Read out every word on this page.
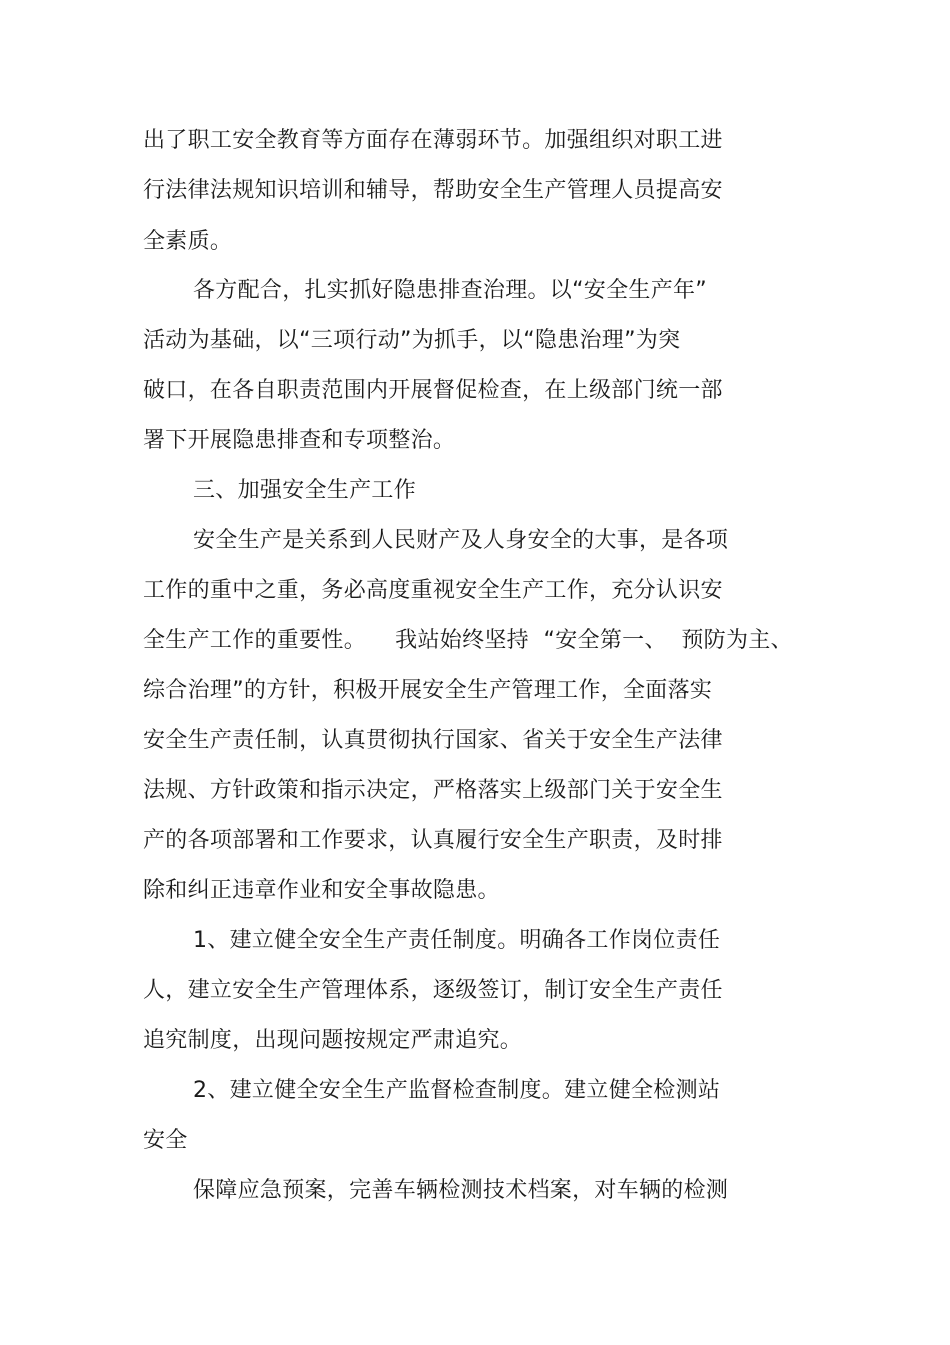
出了职工安全教育等方面存在薄弱环节。加强组织对职工进
行法律法规知识培训和辅导，帮助安全生产管理人员提高安
全素质。
各方配合，扎实抓好隐患排查治理。以“安全生产年”
活动为基础，以“三项行动”为抓手，以“隐患治理”为突
破口，在各自职责范围内开展督促检查，在上级部门统一部
署下开展隐患排查和专项整治。
三、加强安全生产工作
安全生产是关系到人民财产及人身安全的大事，是各项
工作的重中之重，务必高度重视安全生产工作，充分认识安
全生产工作的重要性。    我站始终坚持  “安全第一、  预防为主、
综合治理”的方针，积极开展安全生产管理工作，全面落实
安全生产责任制，认真贯彻执行国家、省关于安全生产法律
法规、方针政策和指示决定，严格落实上级部门关于安全生
产的各项部署和工作要求，认真履行安全生产职责，及时排
除和纠正违章作业和安全事故隐患。
1、建立健全安全生产责任制度。明确各工作岗位责任
人，建立安全生产管理体系，逐级签订，制订安全生产责任
追究制度，出现问题按规定严肃追究。
2、建立健全安全生产监督检查制度。建立健全检测站
安全
保障应急预案，完善车辆检测技术档案，对车辆的检测
